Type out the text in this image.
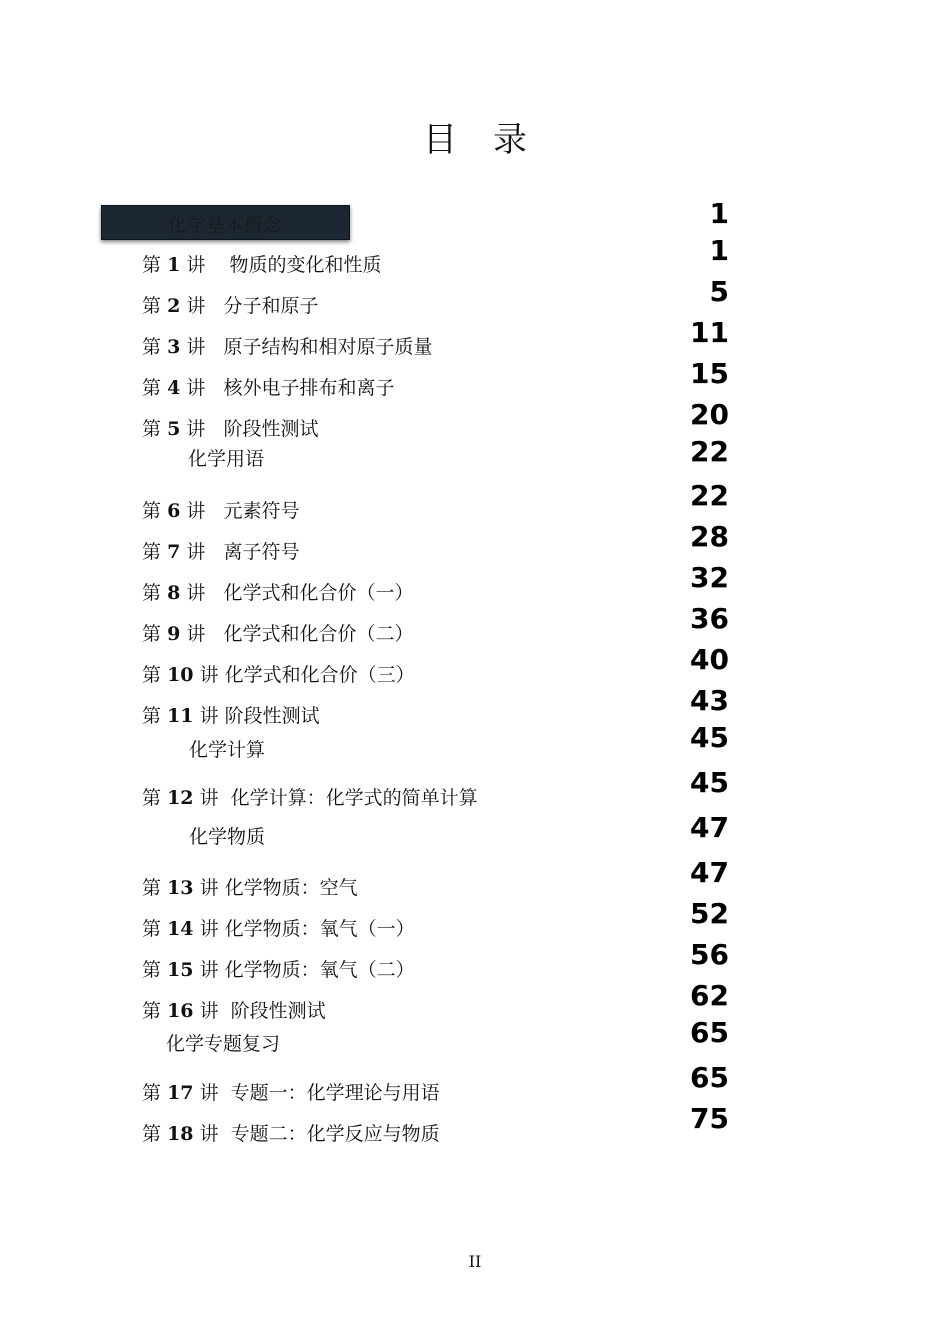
目 录
化学基本概念	1
第 1 讲 物质的变化和性质	1
第 2 讲 分子和原子	5
第 3 讲 原子结构和相对原子质量	11
第 4 讲 核外电子排布和离子	15
第 5 讲 阶段性测试	20
化学用语	22
第 6 讲 元素符号	22
第 7 讲 离子符号	28
第 8 讲 化学式和化合价（一）	32
第 9 讲 化学式和化合价（二）	36
第 10 讲 化学式和化合价（三）	40
第 11 讲 阶段性测试	43
化学计算	45
第 12 讲 化学计算：化学式的简单计算	45
化学物质	47
第 13 讲 化学物质：空气	47
第 14 讲 化学物质：氧气（一）	52
第 15 讲 化学物质：氧气（二）	56
第 16 讲 阶段性测试	62
化学专题复习	65
第 17 讲 专题一：化学理论与用语	65
第 18 讲 专题二：化学反应与物质	75
II
